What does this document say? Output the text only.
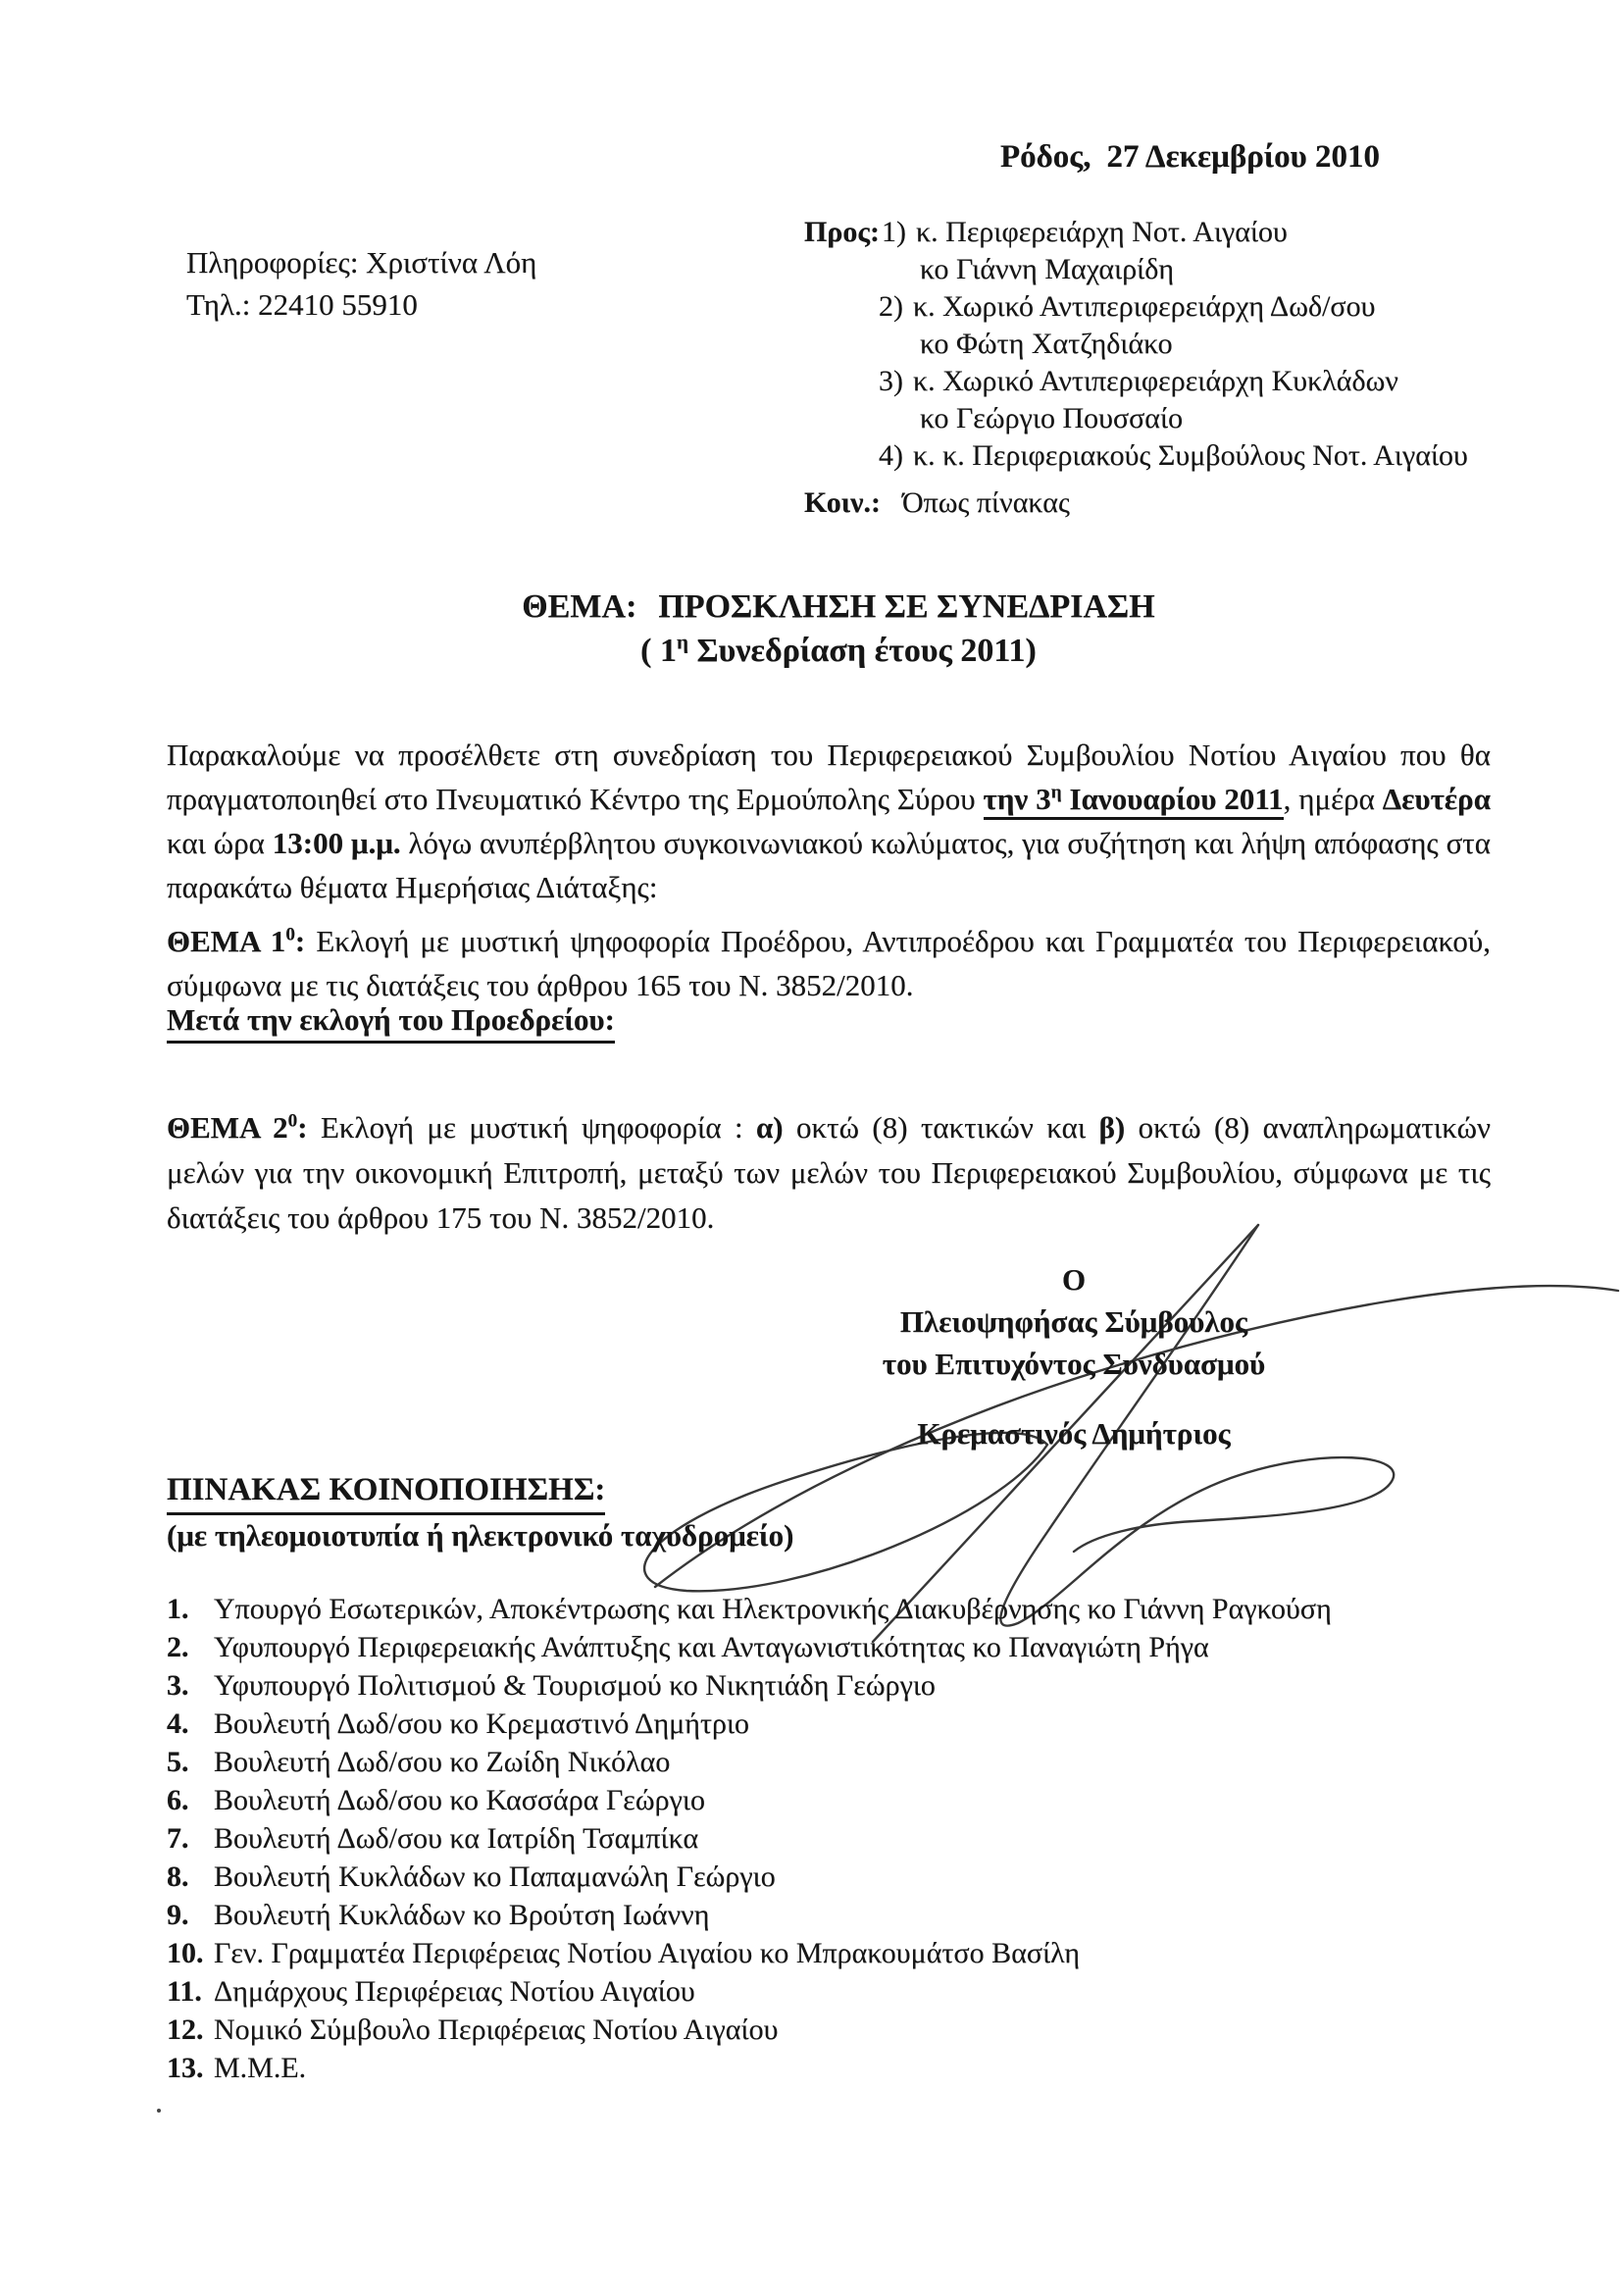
Ρόδος, 27 Δεκεμβρίου 2010
Πληροφορίες: Χριστίνα Λόη
Τηλ.: 22410 55910
Προς:1) κ. Περιφερειάρχη Νοτ. Αιγαίου
κο Γιάννη Μαχαιρίδη
2) κ. Χωρικό Αντιπεριφερειάρχη Δωδ/σου
κο Φώτη Χατζηδιάκο
3) κ. Χωρικό Αντιπεριφερειάρχη Κυκλάδων
κο Γεώργιο Πουσσαίο
4) κ. κ. Περιφεριακούς Συμβούλους Νοτ. Αιγαίου
Κοιν.: Όπως πίνακας
ΘΕΜΑ: ΠΡΟΣΚΛΗΣΗ ΣΕ ΣΥΝΕΔΡΙΑΣΗ
( $1^\eta$ Συνεδρίαση έτους 2011)

Παρακαλούμε να προσέλθετε στη συνεδρίαση του Περιφερειακού Συμβουλίου Νοτίου Αιγαίου που θα πραγματοποιηθεί στο Πνευματικό Κέντρο της Ερμούπολης Σύρου την $3^\eta$ Ιανουαρίου 2011, ημέρα Δευτέρα και ώρα 13:00 μ.μ. λόγω ανυπέρβλητου συγκοινωνιακού κωλύματος, για συζήτηση και λήψη απόφασης στα παρακάτω θέματα Ημερήσιας Διάταξης:

ΘΕΜΑ $1^0$: Εκλογή με μυστική ψηφοφορία Προέδρου, Αντιπροέδρου και Γραμματέα του Περιφερειακού, σύμφωνα με τις διατάξεις του άρθρου 165 του Ν. 3852/2010.

Μετά την εκλογή του Προεδρείου:

ΘΕΜΑ $2^0$: Εκλογή με μυστική ψηφοφορία : α) οκτώ (8) τακτικών και β) οκτώ (8) αναπληρωματικών μελών για την οικονομική Επιτροπή, μεταξύ των μελών του Περιφερειακού Συμβουλίου, σύμφωνα με τις διατάξεις του άρθρου 175 του Ν. 3852/2010.

Ο
Πλειοψηφήσας Σύμβουλος
του Επιτυχόντος Συνδυασμού
Κρεμαστινός Δημήτριος
ΠΙΝΑΚΑΣ ΚΟΙΝΟΠΟΙΗΣΗΣ:
(με τηλεομοιοτυπία ή ηλεκτρονικό ταχυδρομείο)
1. Υπουργό Εσωτερικών, Αποκέντρωσης και Ηλεκτρονικής Διακυβέρνησης κο Γιάννη Ραγκούση
2. Υφυπουργό Περιφερειακής Ανάπτυξης και Ανταγωνιστικότητας κο Παναγιώτη Ρήγα
3. Υφυπουργό Πολιτισμού & Τουρισμού κο Νικητιάδη Γεώργιο
4. Βουλευτή Δωδ/σου κο Κρεμαστινό Δημήτριο
5. Βουλευτή Δωδ/σου κο Ζωίδη Νικόλαο
6. Βουλευτή Δωδ/σου κο Κασσάρα Γεώργιο
7. Βουλευτή Δωδ/σου κα Ιατρίδη Τσαμπίκα
8. Βουλευτή Κυκλάδων κο Παπαμανώλη Γεώργιο
9. Βουλευτή Κυκλάδων κο Βρούτση Ιωάννη
10. Γεν. Γραμματέα Περιφέρειας Νοτίου Αιγαίου κο Μπρακουμάτσο Βασίλη
11. Δημάρχους Περιφέρειας Νοτίου Αιγαίου
12. Νομικό Σύμβουλο Περιφέρειας Νοτίου Αιγαίου
13. Μ.Μ.Ε.
